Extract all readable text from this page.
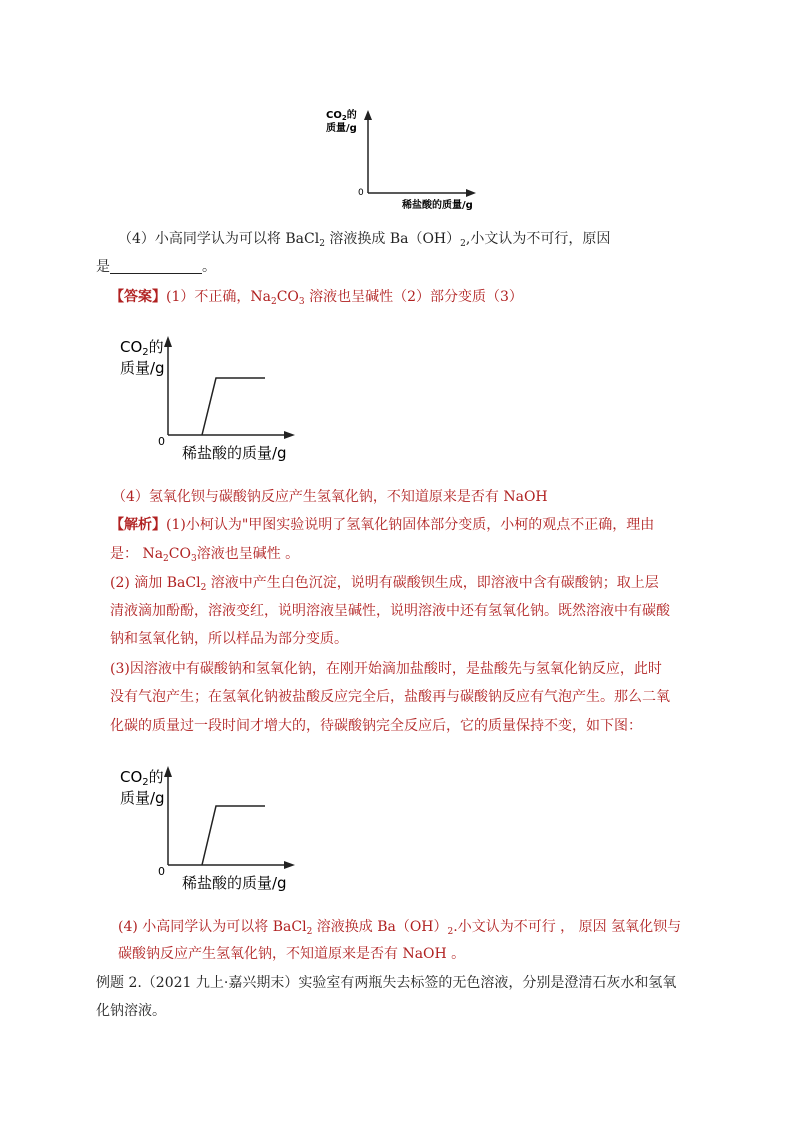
$CO_2$的
质量/g
0
稀盐酸的质量/g
（4）小高同学认为可以将 BaCl$_2$ 溶液换成 $Ba(OH)_2$,小文认为不可行，原因
是	。
【答案】(1）不正确，$Na_2CO_3$ 溶液也呈碱性（2）部分变质（3）
$CO_2$的
质量/g
0
稀盐酸的质量/g
（4）氢氧化钡与碳酸钠反应产生氢氧化钠，不知道原来是否有 NaOH
【解析】(1)小柯认为"甲图实验说明了氢氧化钠固体部分变质，小柯的观点不正确，理由
是： $Na_2CO_3$溶液也呈碱性 。
(2) 滴加 BaCl$_2$ 溶液中产生白色沉淀，说明有碳酸钡生成，即溶液中含有碳酸钠；取上层
清液滴加酚酚，溶液变红，说明溶液呈碱性，说明溶液中还有氢氧化钠。既然溶液中有碳酸
钠和氢氧化钠，所以样品为部分变质。
(3)因溶液中有碳酸钠和氢氧化钠，在刚开始滴加盐酸时，是盐酸先与氢氧化钠反应，此时
没有气泡产生；在氢氧化钠被盐酸反应完全后，盐酸再与碳酸钠反应有气泡产生。那么二氧
化碳的质量过一段时间才增大的，待碳酸钠完全反应后，它的质量保持不变，如下图：
$CO_2$的
质量/g
0
稀盐酸的质量/g
(4) 小高同学认为可以将 BaCl$_2$ 溶液换成 $Ba(OH)_2$.小文认为不可行 ， 原因 氢氧化钡与
碳酸钠反应产生氢氧化钠，不知道原来是否有 NaOH 。
例题 2.（2021 九上·嘉兴期末）实验室有两瓶失去标签的无色溶液，分别是澄清石灰水和氢氧
化钠溶液。
